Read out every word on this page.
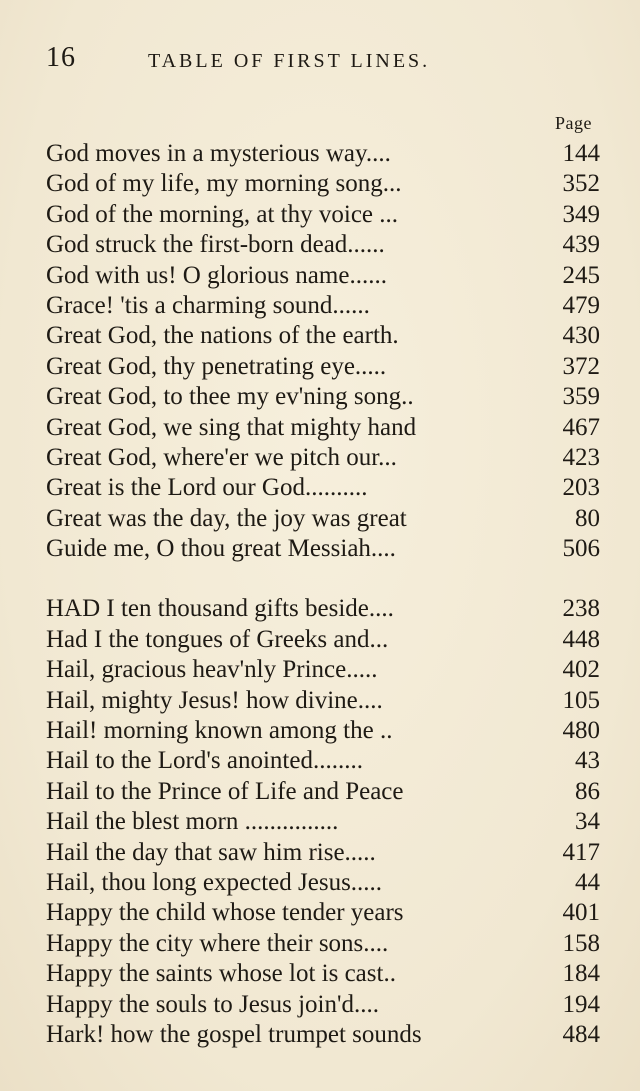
16	TABLE OF FIRST LINES.
Page
God moves in a mysterious way....	144
God of my life, my morning song...	352
God of the morning, at thy voice ...	349
God struck the first-born dead......	439
God with us! O glorious name......	245
Grace! 'tis a charming sound......	479
Great God, the nations of the earth.	430
Great God, thy penetrating eye.....	372
Great God, to thee my ev'ning song..	359
Great God, we sing that mighty hand	467
Great God, where'er we pitch our...	423
Great is the Lord our God..........	203
Great was the day, the joy was great	80
Guide me, O thou great Messiah....	506
HAD I ten thousand gifts beside....	238
Had I the tongues of Greeks and...	448
Hail, gracious heav'nly Prince.....	402
Hail, mighty Jesus! how divine....	105
Hail! morning known among the ..	480
Hail to the Lord's anointed........	43
Hail to the Prince of Life and Peace	86
Hail the blest morn ...............	34
Hail the day that saw him rise.....	417
Hail, thou long expected Jesus.....	44
Happy the child whose tender years	401
Happy the city where their sons....	158
Happy the saints whose lot is cast..	184
Happy the souls to Jesus join'd....	194
Hark! how the gospel trumpet sounds	484
